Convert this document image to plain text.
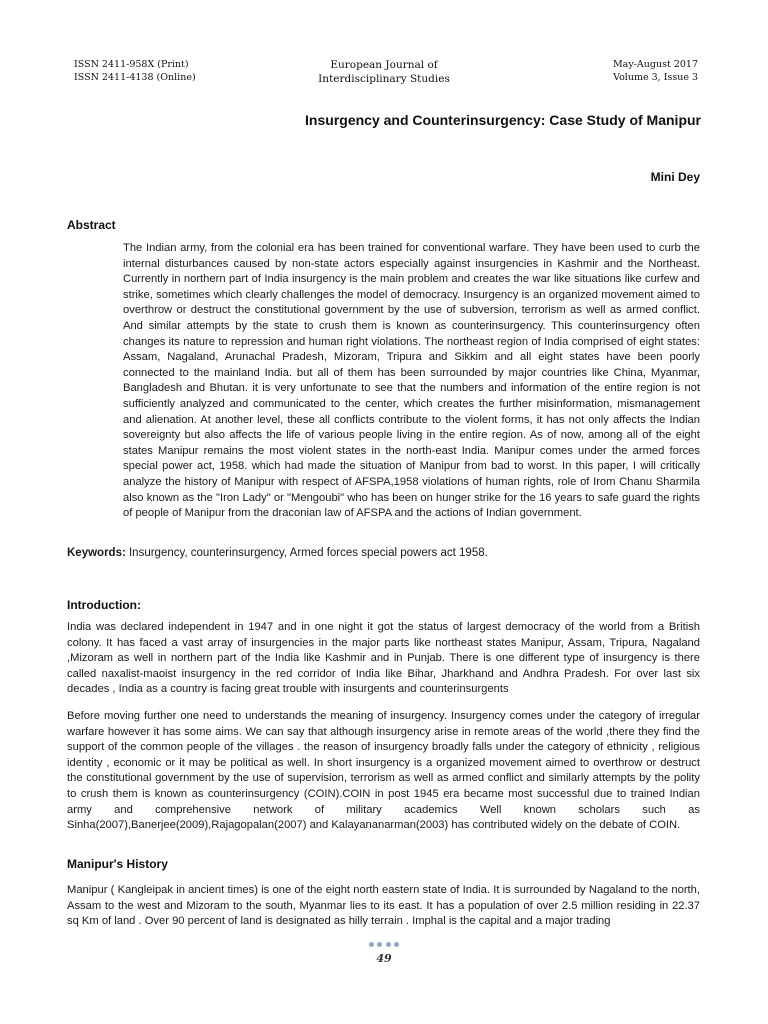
ISSN 2411-958X (Print)
ISSN 2411-4138 (Online)
European Journal of
Interdisciplinary Studies
May-August 2017
Volume 3, Issue 3
Insurgency and Counterinsurgency: Case Study of Manipur
Mini Dey
Abstract

The Indian army, from the colonial era has been trained for conventional warfare. They have been used to curb the internal disturbances caused by non-state actors especially against insurgencies in Kashmir and the Northeast. Currently in northern part of India insurgency is the main problem and creates the war like situations like curfew and strike, sometimes which clearly challenges the model of democracy. Insurgency is an organized movement aimed to overthrow or destruct the constitutional government by the use of subversion, terrorism as well as armed conflict. And similar attempts by the state to crush them is known as counterinsurgency. This counterinsurgency often changes its nature to repression and human right violations. The northeast region of India comprised of eight states: Assam, Nagaland, Arunachal Pradesh, Mizoram, Tripura and Sikkim and all eight states have been poorly connected to the mainland India. but all of them has been surrounded by major countries like China, Myanmar, Bangladesh and Bhutan. it is very unfortunate to see that the numbers and information of the entire region is not sufficiently analyzed and communicated to the center, which creates the further misinformation, mismanagement and alienation. At another level, these all conflicts contribute to the violent forms, it has not only affects the Indian sovereignty but also affects the life of various people living in the entire region. As of now, among all of the eight states Manipur remains the most violent states in the north-east India. Manipur comes under the armed forces special power act, 1958. which had made the situation of Manipur from bad to worst. In this paper, I will critically analyze the history of Manipur with respect of AFSPA,1958 violations of human rights, role of Irom Chanu Sharmila also known as the "Iron Lady" or "Mengoubi" who has been on hunger strike for the 16 years to safe guard the rights of people of Manipur from the draconian law of AFSPA and the actions of Indian government.

Keywords: Insurgency, counterinsurgency, Armed forces special powers act 1958.
Introduction:

India was declared independent in 1947 and in one night it got the status of largest democracy of the world from a British colony. It has faced a vast array of insurgencies in the major parts like northeast states Manipur, Assam, Tripura, Nagaland ,Mizoram as well in northern part of the India like Kashmir and in Punjab. There is one different type of insurgency is there called naxalist-maoist insurgency in the red corridor of India like Bihar, Jharkhand and Andhra Pradesh. For over last six decades , India as a country is facing great trouble with insurgents and counterinsurgents

Before moving further one need to understands the meaning of insurgency. Insurgency comes under the category of irregular warfare however it has some aims. We can say that although insurgency arise in remote areas of the world ,there they find the support of the common people of the villages . the reason of insurgency broadly falls under the category of ethnicity , religious identity , economic or it may be political as well. In short insurgency is a organized movement aimed to overthrow or destruct the constitutional government by the use of supervision, terrorism as well as armed conflict and similarly attempts by the polity to crush them is known as counterinsurgency (COIN).COIN in post 1945 era became most successful due to trained Indian army and comprehensive network of military academics Well known scholars such as Sinha(2007),Banerjee(2009),Rajagopalan(2007) and Kalayananarman(2003) has contributed widely on the debate of COIN.

Manipur's History

Manipur ( Kangleipak in ancient times) is one of the eight north eastern state of India. It is surrounded by Nagaland to the north, Assam to the west and Mizoram to the south, Myanmar lies to its east. It has a population of over 2.5 million residing in 22.37 sq Km of land . Over 90 percent of land is designated as hilly terrain . Imphal is the capital and a major trading

49
